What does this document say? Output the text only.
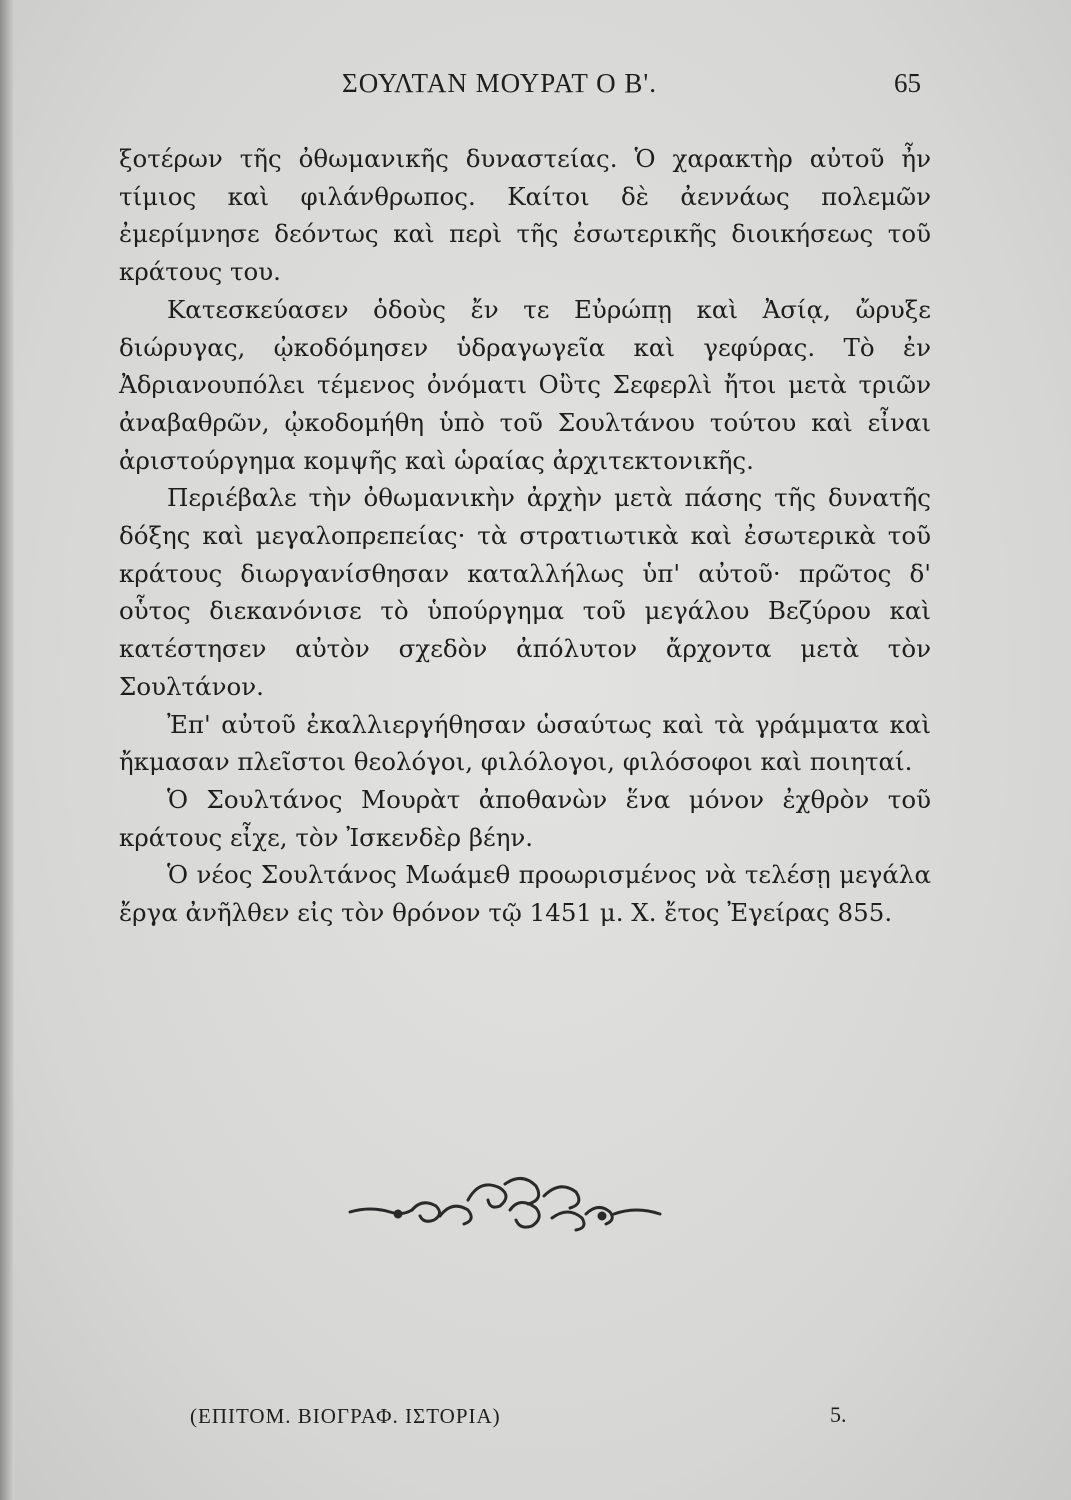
ΣΟΥΛΤΑΝ ΜΟΥΡΑΤ Ο Β'.	65

ξοτέρων τῆς ὀθωμανικῆς δυναστείας. Ὁ χαρακτὴρ αὐτοῦ ἦν τίμιος καὶ φιλάνθρωπος. Καίτοι δὲ ἀεννάως πολεμῶν ἐμερίμνησε δεόντως καὶ περὶ τῆς ἐσωτερικῆς διοικήσεως τοῦ κράτους του.

Κατεσκεύασεν ὁδοὺς ἔν τε Εὐρώπῃ καὶ Ἀσίᾳ, ὤρυξε διώρυγας, ᾠκοδόμησεν ὑδραγωγεῖα καὶ γεφύρας. Τὸ ἐν Ἀδριανουπόλει τέμενος ὀνόματι Οὒτς Σεφερλὶ ἤτοι μετὰ τριῶν ἀναβαθρῶν, ᾠκοδομήθη ὑπὸ τοῦ Σουλτάνου τούτου καὶ εἶναι ἀριστούργημα κομψῆς καὶ ὡραίας ἀρχιτεκτονικῆς.

Περιέβαλε τὴν ὀθωμανικὴν ἀρχὴν μετὰ πάσης τῆς δυνατῆς δόξης καὶ μεγαλοπρεπείας· τὰ στρατιωτικὰ καὶ ἐσωτερικὰ τοῦ κράτους διωργανίσθησαν καταλλήλως ὑπ' αὐτοῦ· πρῶτος δ' οὗτος διεκανόνισε τὸ ὑπούργημα τοῦ μεγάλου Βεζύρου καὶ κατέστησεν αὐτὸν σχεδὸν ἀπόλυτον ἄρχοντα μετὰ τὸν Σουλτάνον.

Ἐπ' αὐτοῦ ἐκαλλιεργήθησαν ὡσαύτως καὶ τὰ γράμματα καὶ ἤκμασαν πλεῖστοι θεολόγοι, φιλόλογοι, φιλόσοφοι καὶ ποιηταί.

Ὁ Σουλτάνος Μουρὰτ ἀποθανὼν ἕνα μόνον ἐχθρὸν τοῦ κράτους εἶχε, τὸν Ἰσκενδὲρ βέην.

Ὁ νέος Σουλτάνος Μωάμεθ προωρισμένος νὰ τελέσῃ μεγάλα ἔργα ἀνῆλθεν εἰς τὸν θρόνον τῷ 1451 μ. Χ. ἔτος Ἐγείρας 855.

(ΕΠΙΤΟΜ. ΒΙΟΓΡΑΦ. ΙΣΤΟΡΙΑ)	5.
